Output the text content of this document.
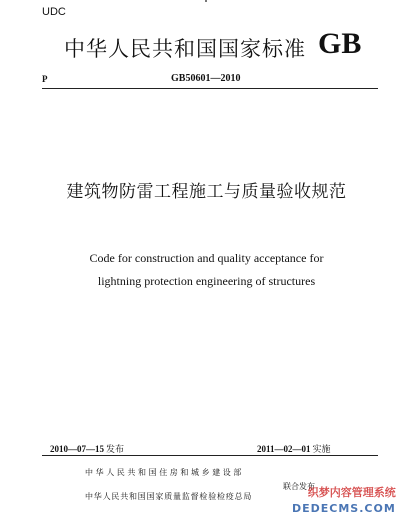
UDC
中华人民共和国国家标准 GB
P	GB50601—2010
建筑物防雷工程施工与质量验收规范
Code for construction and quality acceptance for
lightning protection engineering of structures
2010—07—15 发布	2011—02—01 实施
中华人民共和国住房和城乡建设部
联合发布
中华人民共和国国家质量监督检验检疫总局	织梦内容管理系统
DEDECMS.COM
